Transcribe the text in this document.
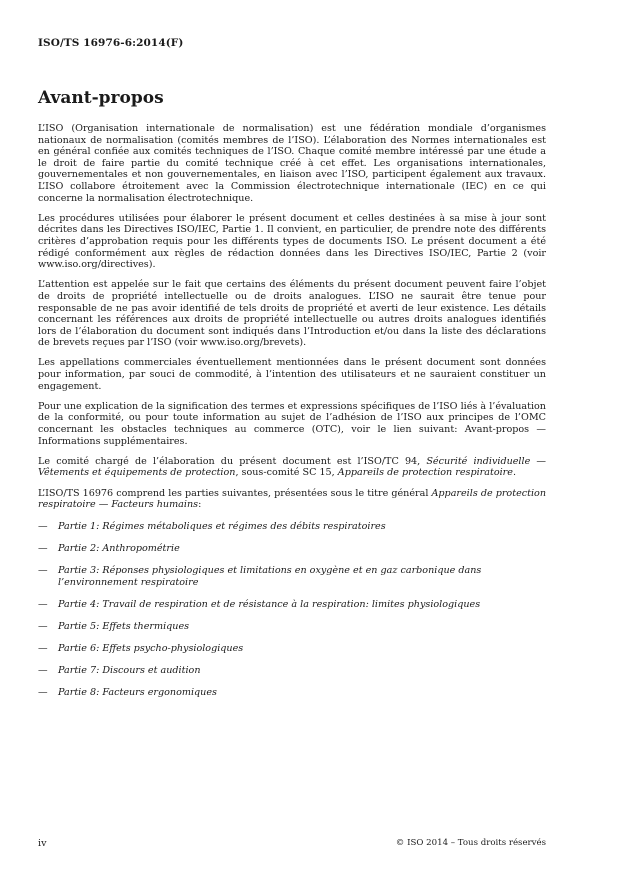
ISO/TS 16976-6:2014(F)
Avant-propos

L’ISO (Organisation internationale de normalisation) est une fédération mondiale d’organismes nationaux de normalisation (comités membres de l’ISO). L’élaboration des Normes internationales est en général confiée aux comités techniques de l’ISO. Chaque comité membre intéressé par une étude a le droit de faire partie du comité technique créé à cet effet. Les organisations internationales, gouvernementales et non gouvernementales, en liaison avec l’ISO, participent également aux travaux. L’ISO collabore étroitement avec la Commission électrotechnique internationale (IEC) en ce qui concerne la normalisation électrotechnique.

Les procédures utilisées pour élaborer le présent document et celles destinées à sa mise à jour sont décrites dans les Directives ISO/IEC, Partie 1. Il convient, en particulier, de prendre note des différents critères d’approbation requis pour les différents types de documents ISO. Le présent document a été rédigé conformément aux règles de rédaction données dans les Directives ISO/IEC, Partie 2 (voir www.iso.org/directives).

L’attention est appelée sur le fait que certains des éléments du présent document peuvent faire l’objet de droits de propriété intellectuelle ou de droits analogues. L’ISO ne saurait être tenue pour responsable de ne pas avoir identifié de tels droits de propriété et averti de leur existence. Les détails concernant les références aux droits de propriété intellectuelle ou autres droits analogues identifiés lors de l’élaboration du document sont indiqués dans l’Introduction et/ou dans la liste des déclarations de brevets reçues par l’ISO (voir www.iso.org/brevets).

Les appellations commerciales éventuellement mentionnées dans le présent document sont données pour information, par souci de commodité, à l’intention des utilisateurs et ne sauraient constituer un engagement.

Pour une explication de la signification des termes et expressions spécifiques de l’ISO liés à l’évaluation de la conformité, ou pour toute information au sujet de l’adhésion de l’ISO aux principes de l’OMC concernant les obstacles techniques au commerce (OTC), voir le lien suivant: Avant-propos — Informations supplémentaires.

Le comité chargé de l’élaboration du présent document est l’ISO/TC 94, Sécurité individuelle — Vêtements et équipements de protection, sous-comité SC 15, Appareils de protection respiratoire.

L’ISO/TS 16976 comprend les parties suivantes, présentées sous le titre général Appareils de protection respiratoire — Facteurs humains:

— Partie 1: Régimes métaboliques et régimes des débits respiratoires
— Partie 2: Anthropométrie
— Partie 3: Réponses physiologiques et limitations en oxygène et en gaz carbonique dans l’environnement respiratoire
— Partie 4: Travail de respiration et de résistance à la respiration: limites physiologiques
— Partie 5: Effets thermiques
— Partie 6: Effets psycho-physiologiques
— Partie 7: Discours et audition
— Partie 8: Facteurs ergonomiques
iv	© ISO 2014 – Tous droits réservés
